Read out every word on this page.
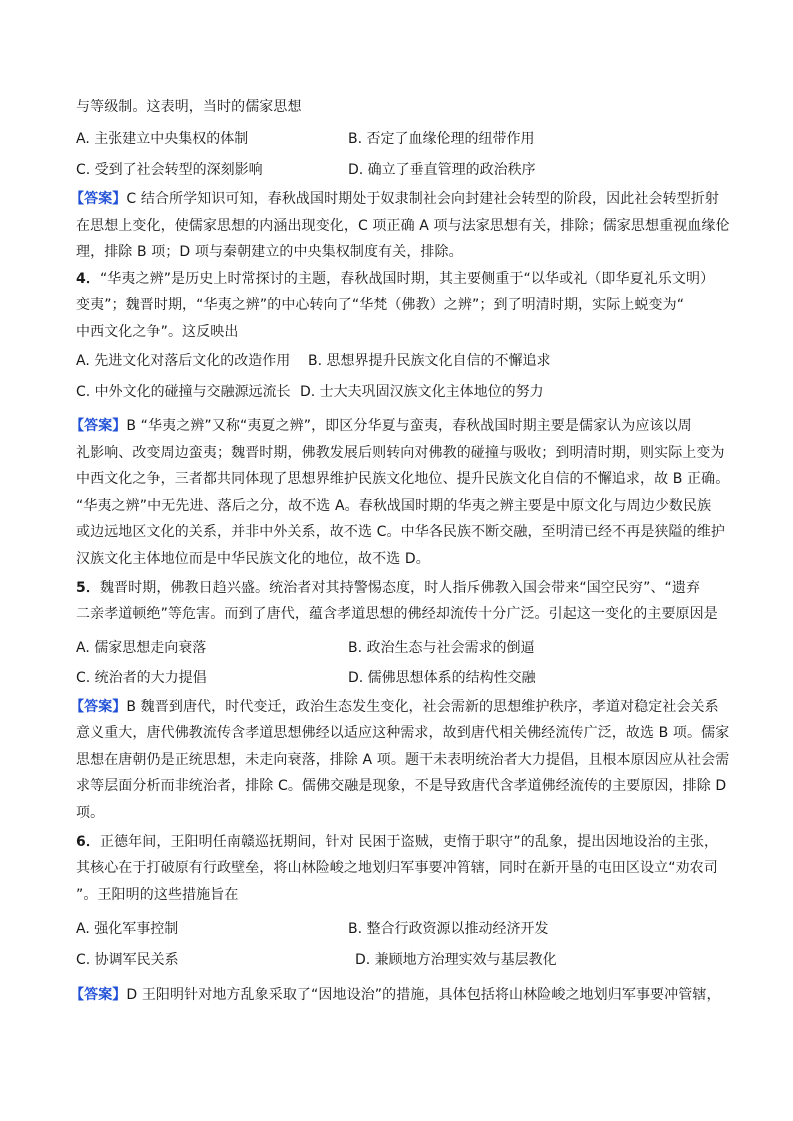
与等级制。这表明，当时的儒家思想
A. 主张建立中央集权的体制	B. 否定了血缘伦理的纽带作用
C. 受到了社会转型的深刻影响	D. 确立了垂直管理的政治秩序
【答案】C 结合所学知识可知，春秋战国时期处于奴隶制社会向封建社会转型的阶段，因此社会转型折射
在思想上变化，使儒家思想的内涵出现变化，C 项正确 A 项与法家思想有关，排除；儒家思想重视血缘伦
理，排除 B 项；D 项与秦朝建立的中央集权制度有关，排除。
4．“华夷之辨”是历史上时常探讨的主题，春秋战国时期，其主要侧重于“以华或礼（即华夏礼乐文明）
变夷”；魏晋时期，“华夷之辨”的中心转向了“华梵（佛教）之辨”；到了明清时期，实际上蜕变为“
中西文化之争”。这反映出
A. 先进文化对落后文化的改造作用 B. 思想界提升民族文化自信的不懈追求
C. 中外文化的碰撞与交融源远流长 D. 士大夫巩固汉族文化主体地位的努力
【答案】B “华夷之辨”又称“夷夏之辨”，即区分华夏与蛮夷，春秋战国时期主要是儒家认为应该以周
礼影响、改变周边蛮夷；魏晋时期，佛教发展后则转向对佛教的碰撞与吸收；到明清时期，则实际上变为
中西文化之争，三者都共同体现了思想界维护民族文化地位、提升民族文化自信的不懈追求，故 B 正确。
“华夷之辨”中无先进、落后之分，故不选 A。春秋战国时期的华夷之辨主要是中原文化与周边少数民族
或边远地区文化的关系，并非中外关系，故不选 C。中华各民族不断交融，至明清已经不再是狭隘的维护
汉族文化主体地位而是中华民族文化的地位，故不选 D。
5．魏晋时期，佛教日趋兴盛。统治者对其持警惕态度，时人指斥佛教入国会带来“国空民穷”、“遗弃
二亲孝道顿绝”等危害。而到了唐代，蕴含孝道思想的佛经却流传十分广泛。引起这一变化的主要原因是
A. 儒家思想走向衰落	B. 政治生态与社会需求的倒逼
C. 统治者的大力提倡	D. 儒佛思想体系的结构性交融
【答案】B 魏晋到唐代，时代变迁，政治生态发生变化，社会需新的思想维护秩序，孝道对稳定社会关系
意义重大，唐代佛教流传含孝道思想佛经以适应这种需求，故到唐代相关佛经流传广泛，故选 B 项。儒家
思想在唐朝仍是正统思想，未走向衰落，排除 A 项。题干未表明统治者大力提倡，且根本原因应从社会需
求等层面分析而非统治者，排除 C。儒佛交融是现象，不是导致唐代含孝道佛经流传的主要原因，排除 D
项。
6．正德年间，王阳明任南赣巡抚期间，针对 民困于盗贼，吏惰于职守”的乱象，提出因地设治的主张，
其核心在于打破原有行政壁垒，将山林险峻之地划归军事要冲筲辖，同时在新开垦的屯田区设立“劝农司
”。王阳明的这些措施旨在
A. 强化军事控制	B. 整合行政资源以推动经济开发
C. 协调军民关系	D. 兼顾地方治理实效与基层教化
【答案】D 王阳明针对地方乱象采取了“因地设治”的措施，具体包括将山林险峻之地划归军事要冲管辖，
